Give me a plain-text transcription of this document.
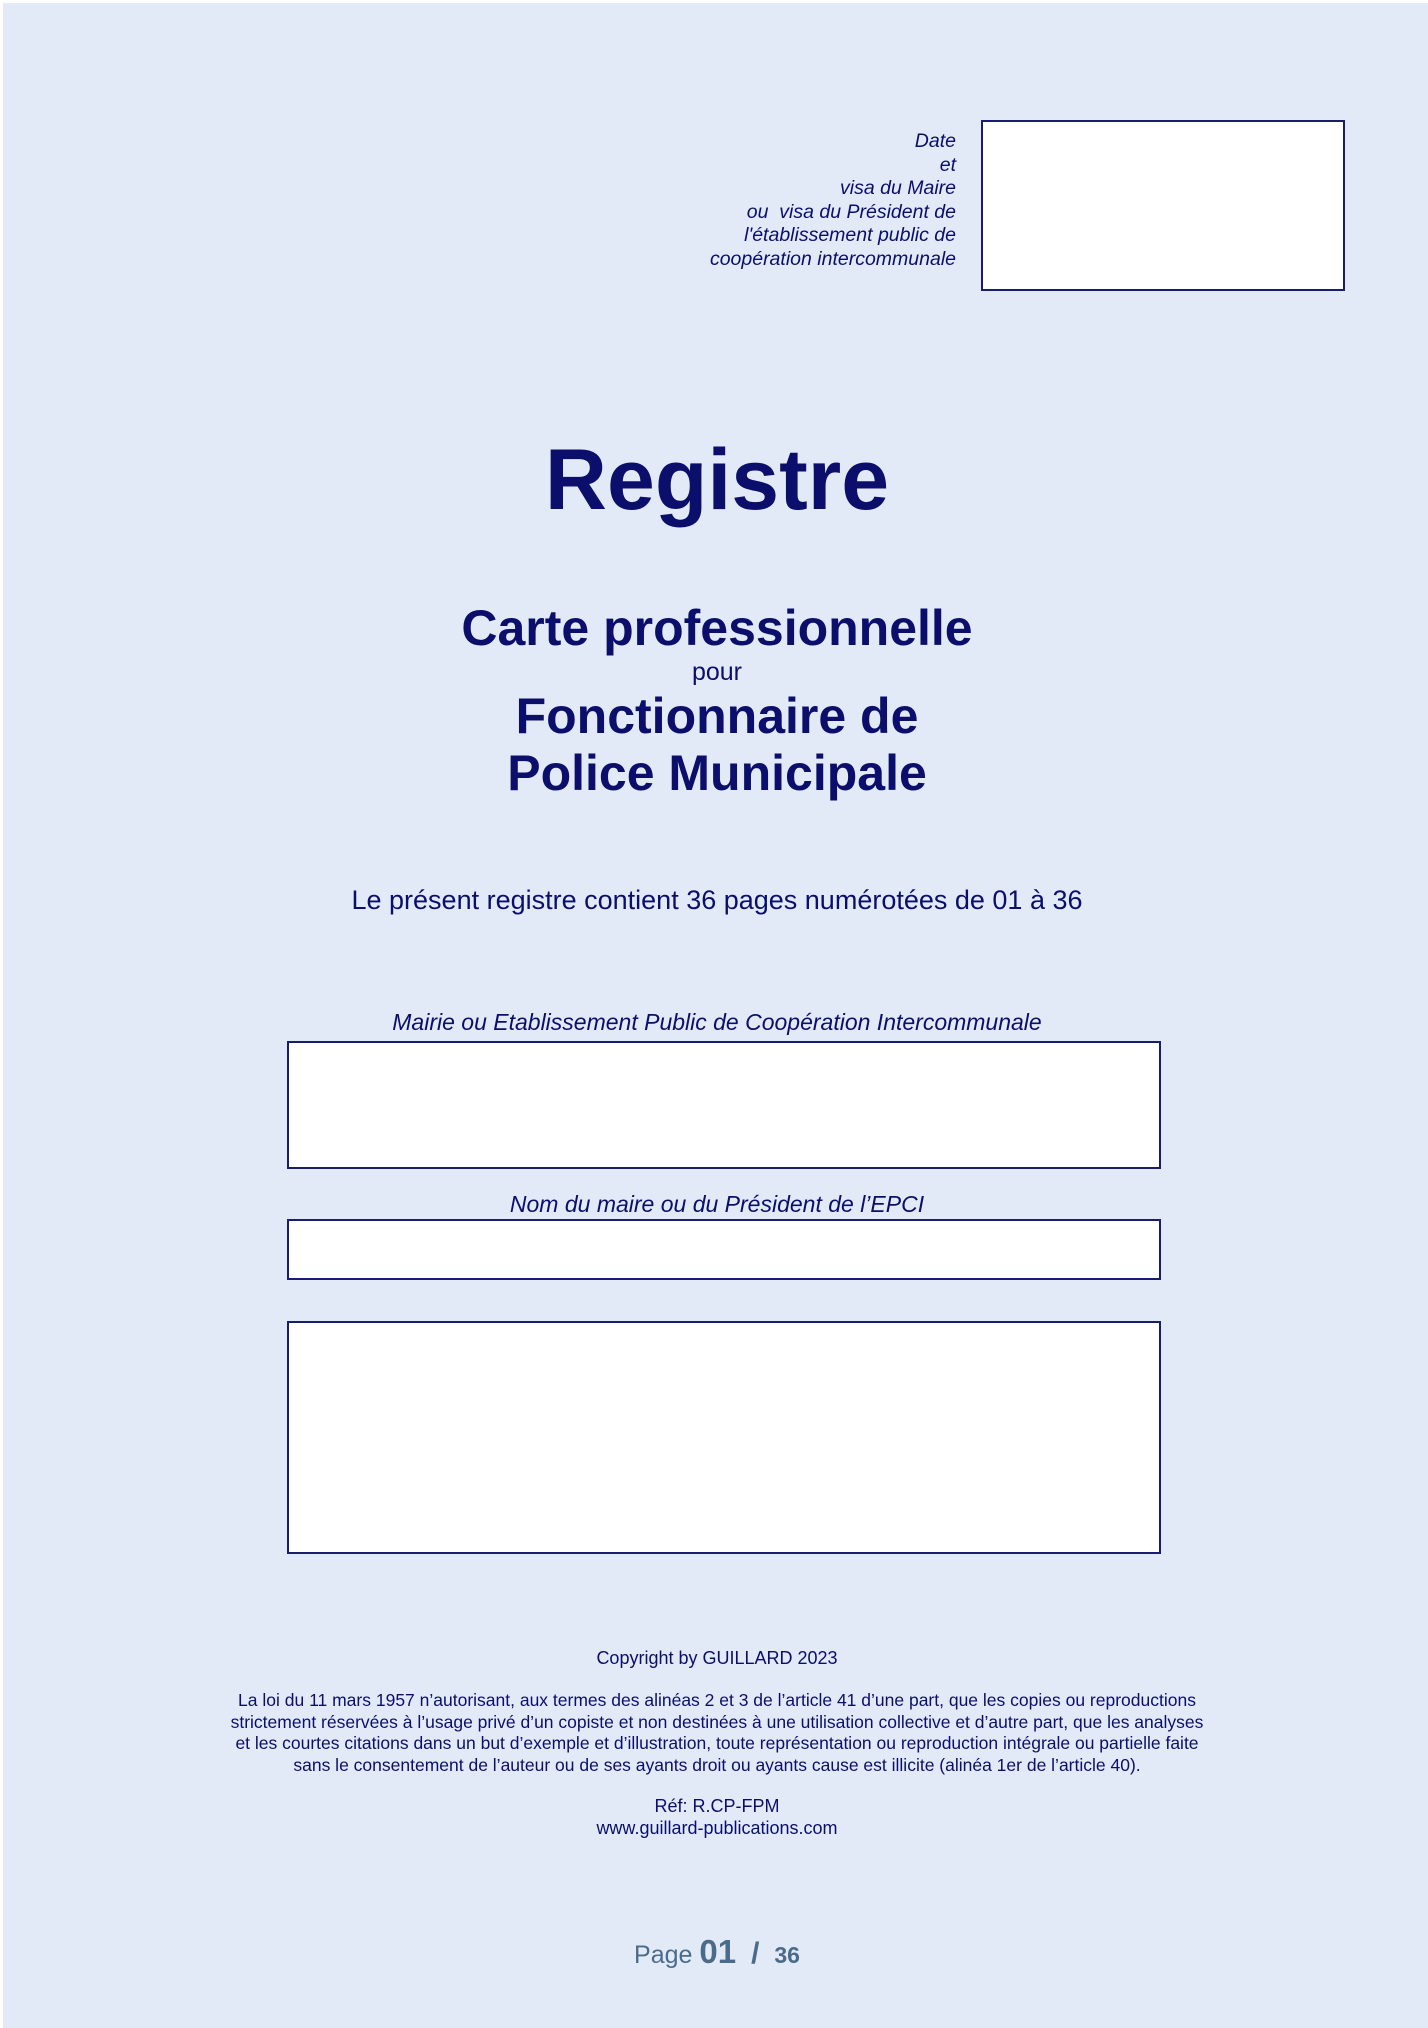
Date
et
visa du Maire
ou  visa du Président de
l'établissement public de
coopération intercommunale
Registre
Carte professionnelle
pour
Fonctionnaire de
Police Municipale
Le présent registre contient 36 pages numérotées de 01 à 36
Mairie ou Etablissement Public de Coopération Intercommunale
Nom du maire ou du Président de l’EPCI
Copyright by GUILLARD 2023
La loi du 11 mars 1957 n’autorisant, aux termes des alinéas 2 et 3 de l’article 41 d’une part, que les copies ou reproductions
strictement réservées à l’usage privé d’un copiste et non destinées à une utilisation collective et d’autre part, que les analyses
et les courtes citations dans un but d’exemple et d’illustration, toute représentation ou reproduction intégrale ou partielle faite
sans le consentement de l’auteur ou de ses ayants droit ou ayants cause est illicite (alinéa 1er de l’article 40).
Réf: R.CP-FPM
www.guillard-publications.com
Page 01 / 36
